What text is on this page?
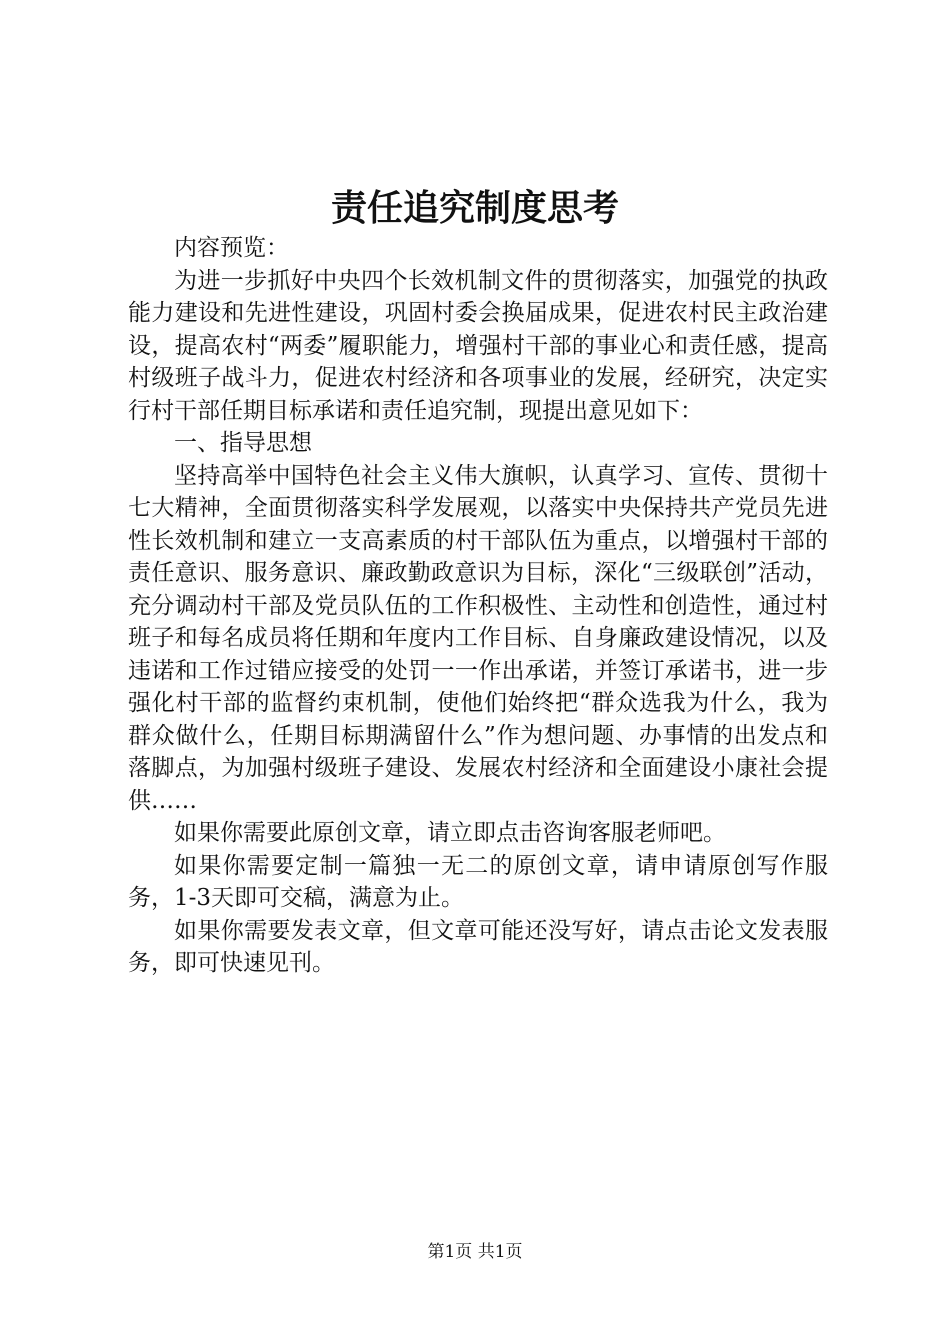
责任追究制度思考

内容预览：

为进一步抓好中央四个长效机制文件的贯彻落实，加强党的执政能力建设和先进性建设，巩固村委会换届成果，促进农村民主政治建设，提高农村“两委”履职能力，增强村干部的事业心和责任感，提高村级班子战斗力，促进农村经济和各项事业的发展，经研究，决定实行村干部任期目标承诺和责任追究制，现提出意见如下：

一、指导思想

坚持高举中国特色社会主义伟大旗帜，认真学习、宣传、贯彻十七大精神，全面贯彻落实科学发展观，以落实中央保持共产党员先进性长效机制和建立一支高素质的村干部队伍为重点，以增强村干部的责任意识、服务意识、廉政勤政意识为目标，深化“三级联创”活动，充分调动村干部及党员队伍的工作积极性、主动性和创造性，通过村班子和每名成员将任期和年度内工作目标、自身廉政建设情况，以及违诺和工作过错应接受的处罚一一作出承诺，并签订承诺书，进一步强化村干部的监督约束机制，使他们始终把“群众选我为什么，我为群众做什么，任期目标期满留什么”作为想问题、办事情的出发点和落脚点，为加强村级班子建设、发展农村经济和全面建设小康社会提供……

如果你需要此原创文章，请立即点击咨询客服老师吧。

如果你需要定制一篇独一无二的原创文章，请申请原创写作服务，1-3天即可交稿，满意为止。

如果你需要发表文章，但文章可能还没写好，请点击论文发表服务，即可快速见刊。

第1页 共1页
